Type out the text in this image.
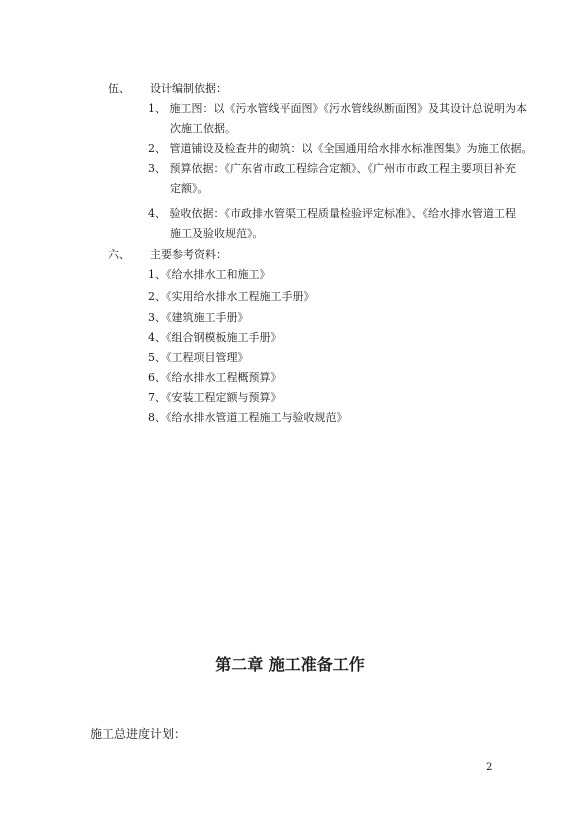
伍、 设计编制依据：
1、 施工图：以《污水管线平面图》《污水管线纵断面图》及其设计总说明为本
次施工依据。
2、 管道铺设及检查井的砌筑：以《全国通用给水排水标准图集》为施工依据。
3、 预算依据：《广东省市政工程综合定额》、《广州市市政工程主要项目补充
定额》。
4、 验收依据：《市政排水管渠工程质量检验评定标准》、《给水排水管道工程
施工及验收规范》。
六、 主要参考资料：
1、《给水排水工和施工》
2、《实用给水排水工程施工手册》
3、《建筑施工手册》
4、《组合钢模板施工手册》
5、《工程项目管理》
6、《给水排水工程概预算》
7、《安装工程定额与预算》
8、《给水排水管道工程施工与验收规范》
第二章 施工准备工作
施工总进度计划：
2
